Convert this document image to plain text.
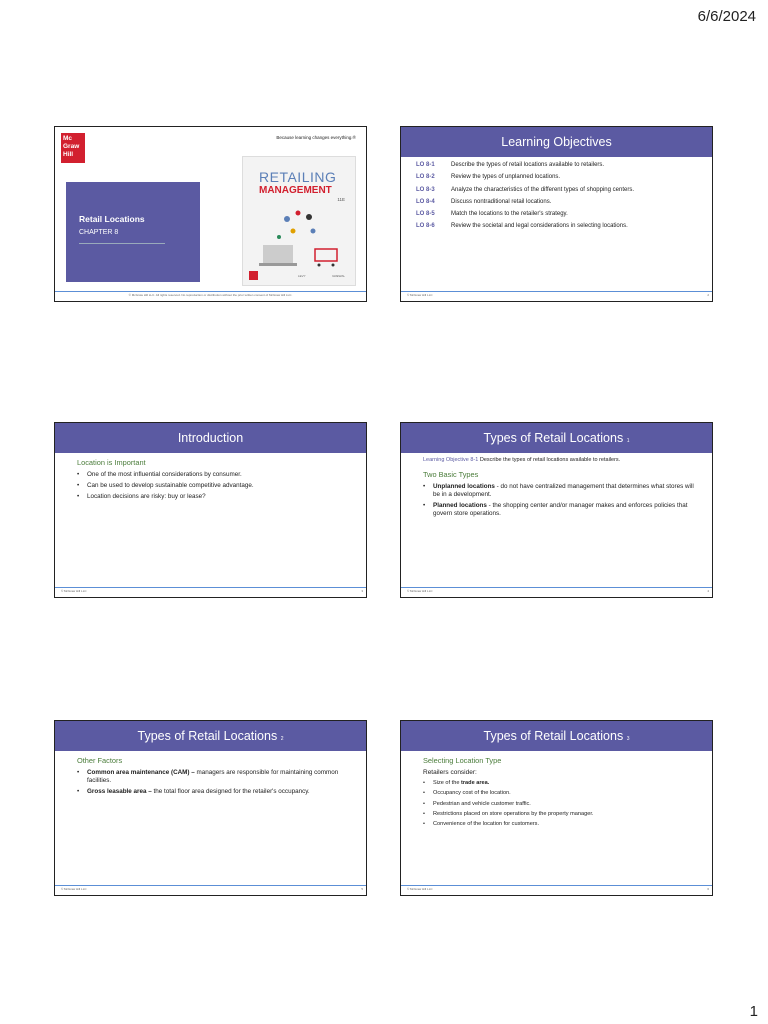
6/6/2024
Mc Graw Hill
Because learning changes everything.®
Retail Locations
CHAPTER 8
RETAILING
MANAGEMENT
11E
LEVY	GREWAL
© McGraw Hill LLC. All rights reserved. No reproduction or distribution without the prior written consent of McGraw Hill LLC.
Learning Objectives
LO 8-1	Describe the types of retail locations available to retailers.
LO 8-2	Review the types of unplanned locations.
LO 8-3	Analyze the characteristics of the different types of shopping centers.
LO 8-4	Discuss nontraditional retail locations.
LO 8-5	Match the locations to the retailer's strategy.
LO 8-6	Review the societal and legal considerations in selecting locations.
© McGraw Hill LLC	2
Introduction
Location is Important
• One of the most influential considerations by consumer.
• Can be used to develop sustainable competitive advantage.
• Location decisions are risky: buy or lease?
© McGraw Hill LLC	3
Types of Retail Locations 1
Learning Objective 8-1 Describe the types of retail locations available to retailers.
Two Basic Types
• Unplanned locations - do not have centralized management that determines what stores will be in a development.
• Planned locations - the shopping center and/or manager makes and enforces policies that govern store operations.
© McGraw Hill LLC	4
Types of Retail Locations 2
Other Factors
• Common area maintenance (CAM) – managers are responsible for maintaining common facilities.
• Gross leasable area – the total floor area designed for the retailer's occupancy.
© McGraw Hill LLC	5
Types of Retail Locations 3
Selecting Location Type
Retailers consider:
• Size of the trade area.
• Occupancy cost of the location.
• Pedestrian and vehicle customer traffic.
• Restrictions placed on store operations by the property manager.
• Convenience of the location for customers.
© McGraw Hill LLC	6
1
